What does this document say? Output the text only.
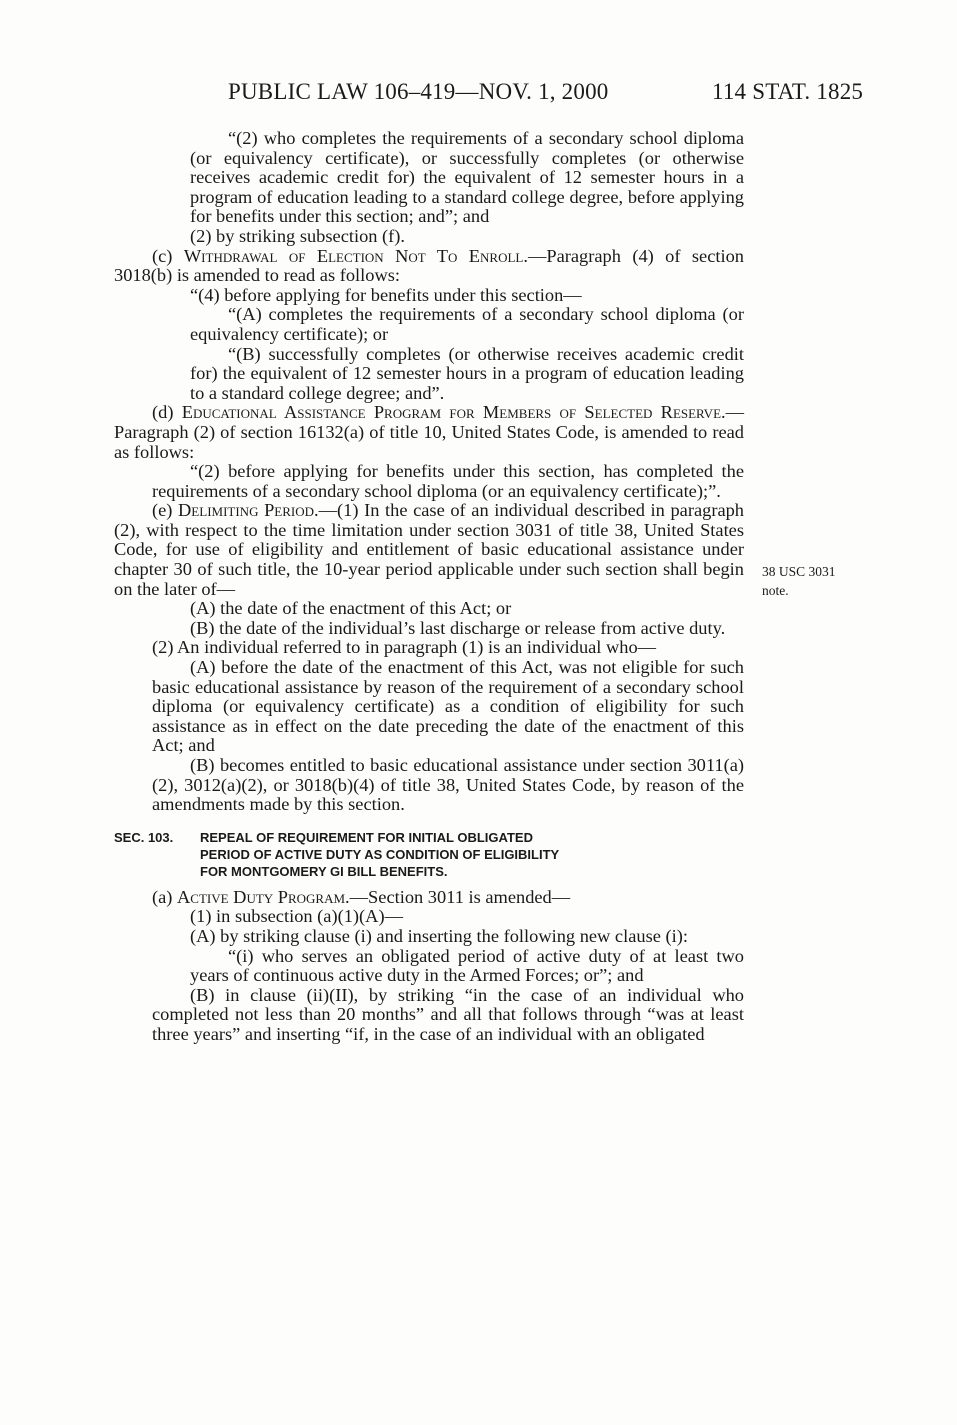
PUBLIC LAW 106–419—NOV. 1, 2000	114 STAT. 1825
38 USC 3031
note.

“(2) who completes the requirements of a secondary school diploma (or equivalency certificate), or successfully completes (or otherwise receives academic credit for) the equivalent of 12 semester hours in a program of education leading to a standard college degree, before applying for benefits under this section; and”; and

(2) by striking subsection (f).

(c) Withdrawal of Election Not To Enroll.—Paragraph (4) of section 3018(b) is amended to read as follows:

“(4) before applying for benefits under this section—

“(A) completes the requirements of a secondary school diploma (or equivalency certificate); or

“(B) successfully completes (or otherwise receives academic credit for) the equivalent of 12 semester hours in a program of education leading to a standard college degree; and”.

(d) Educational Assistance Program for Members of Selected Reserve.—Paragraph (2) of section 16132(a) of title 10, United States Code, is amended to read as follows:

“(2) before applying for benefits under this section, has completed the requirements of a secondary school diploma (or an equivalency certificate);”.

(e) Delimiting Period.—(1) In the case of an individual described in paragraph (2), with respect to the time limitation under section 3031 of title 38, United States Code, for use of eligibility and entitlement of basic educational assistance under chapter 30 of such title, the 10-year period applicable under such section shall begin on the later of—

(A) the date of the enactment of this Act; or

(B) the date of the individual’s last discharge or release from active duty.

(2) An individual referred to in paragraph (1) is an individual who—

(A) before the date of the enactment of this Act, was not eligible for such basic educational assistance by reason of the requirement of a secondary school diploma (or equivalency certificate) as a condition of eligibility for such assistance as in effect on the date preceding the date of the enactment of this Act; and

(B) becomes entitled to basic educational assistance under section 3011(a)(2), 3012(a)(2), or 3018(b)(4) of title 38, United States Code, by reason of the amendments made by this section.

SEC. 103. REPEAL OF REQUIREMENT FOR INITIAL OBLIGATED
PERIOD OF ACTIVE DUTY AS CONDITION OF ELIGIBILITY
FOR MONTGOMERY GI BILL BENEFITS.

(a) Active Duty Program.—Section 3011 is amended—

(1) in subsection (a)(1)(A)—

(A) by striking clause (i) and inserting the following new clause (i):

“(i) who serves an obligated period of active duty of at least two years of continuous active duty in the Armed Forces; or”; and

(B) in clause (ii)(II), by striking “in the case of an individual who completed not less than 20 months” and all that follows through “was at least three years” and inserting “if, in the case of an individual with an obligated
